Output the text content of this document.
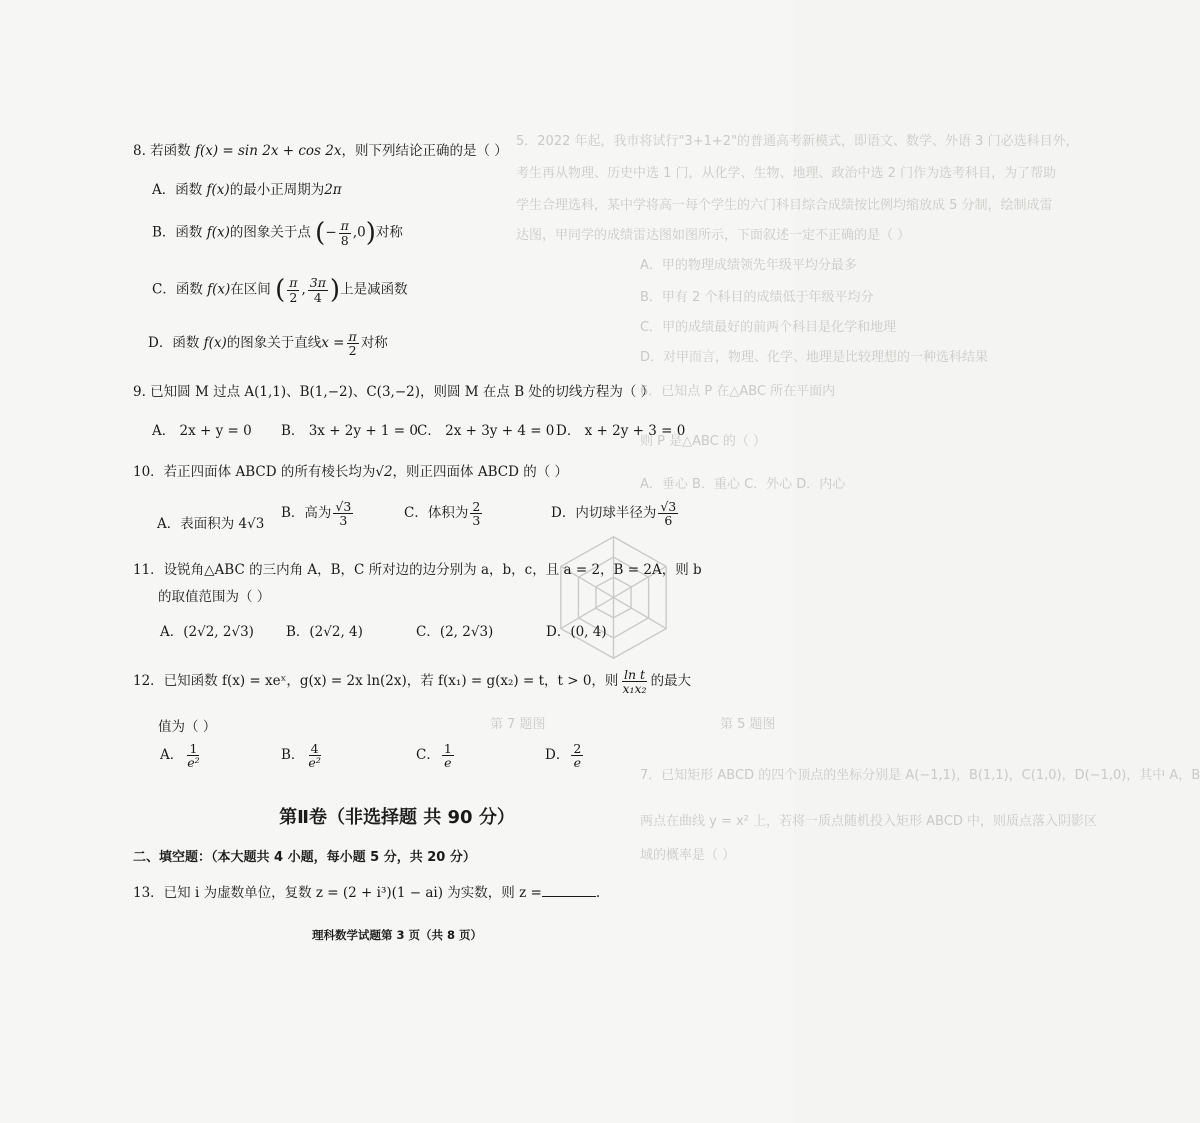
5．2022 年起，我市将试行"3+1+2"的普通高考新模式，即语文、数学、外语 3 门必选科目外，
考生再从物理、历史中选 1 门，从化学、生物、地理、政治中选 2 门作为选考科目，为了帮助
学生合理选科，某中学将高一每个学生的六门科目综合成绩按比例均缩放成 5 分制，绘制成雷
达图，甲同学的成绩雷达图如图所示，下面叙述一定不正确的是（ ）
A．甲的物理成绩领先年级平均分最多
B．甲有 2 个科目的成绩低于年级平均分
C．甲的成绩最好的前两个科目是化学和地理
D．对甲而言，物理、化学、地理是比较理想的一种选科结果
6．已知点 P 在△ABC 所在平面内
则 P 是△ABC 的（ ）
A．垂心 B．重心 C．外心 D．内心
第 5 题图
第 7 题图
7．已知矩形 ABCD 的四个顶点的坐标分别是 A(−1,1)，B(1,1)，C(1,0)，D(−1,0)，其中 A，B
两点在曲线 y = x² 上，若将一质点随机投入矩形 ABCD 中，则质点落入阴影区
域的概率是（ ）
8. 若函数 f(x) = sin 2x + cos 2x，则下列结论正确的是（ ）
A．函数 f(x)的最小正周期为2π
B．函数 f(x)的图象关于点 (− $\frac{\pi}{8} ,0$)对称
C．函数 f(x)在区间 ( $\frac{\pi}{2}$ , $\frac{3\pi}{4}$ )上是减函数
D．函数 f(x)的图象关于直线$x = \frac{\pi}{2}$ 对称
9. 已知圆 M 过点 A(1,1)、B(1,−2)、C(3,−2)，则圆 M 在点 B 处的切线方程为（ ）
A． 2x + y = 0 B． 3x + 2y + 1 = 0 C． 2x + 3y + 4 = 0 D． x + 2y + 3 = 0
10．若正四面体 ABCD 的所有棱长均为√2，则正四面体 ABCD 的（ ）
A．表面积为 4√3
B．高为 $\frac{√3}{3}$	C．体积为 $\frac{2}{3}$	D．内切球半径为 $\frac{√3}{6}$
11．设锐角△ABC 的三内角 A，B，C 所对边的边分别为 a，b，c，且 a = 2，B = 2A，则 b
的取值范围为（ ）
A．(2√2, 2√3) B．(2√2, 4)	C．(2, 2√3)	D．(0, 4)
12．已知函数 f(x) = xeˣ，g(x) = 2x ln(2x)，若 f(x₁) = g(x₂) = t，t > 0，则 $\frac{\text{ln t}}{\text{x₁x₂}}$ 的最大
值为（ ）
A． $\frac{1}{\text{e²}}$	B． $\frac{4}{\text{e²}}$	C． $\frac{1}{e}$	D． $\frac{2}{e}$
第Ⅱ卷（非选择题 共 90 分）
二、填空题：（本大题共 4 小题，每小题 5 分，共 20 分）
13．已知 i 为虚数单位，复数 z = (2 + i³)(1 − ai) 为实数，则 z =	.
理科数学试题第 3 页（共 8 页）
